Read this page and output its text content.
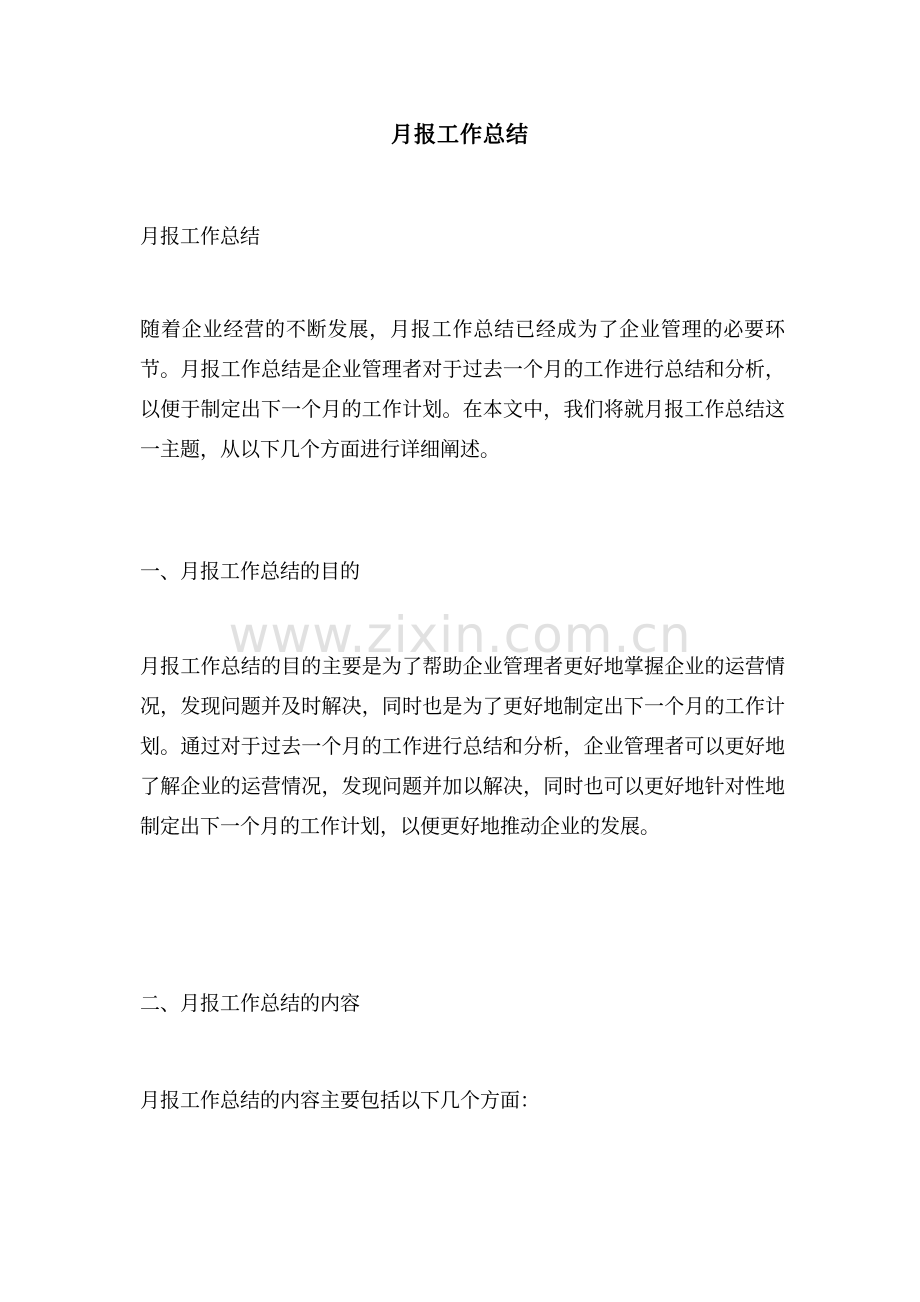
月报工作总结

月报工作总结

随着企业经营的不断发展，月报工作总结已经成为了企业管理的必要环节。月报工作总结是企业管理者对于过去一个月的工作进行总结和分析，以便于制定出下一个月的工作计划。在本文中，我们将就月报工作总结这一主题，从以下几个方面进行详细阐述。

一、月报工作总结的目的

月报工作总结的目的主要是为了帮助企业管理者更好地掌握企业的运营情况，发现问题并及时解决，同时也是为了更好地制定出下一个月的工作计划。通过对于过去一个月的工作进行总结和分析，企业管理者可以更好地了解企业的运营情况，发现问题并加以解决，同时也可以更好地针对性地制定出下一个月的工作计划，以便更好地推动企业的发展。

二、月报工作总结的内容

月报工作总结的内容主要包括以下几个方面：

www.zixin.com.cn
